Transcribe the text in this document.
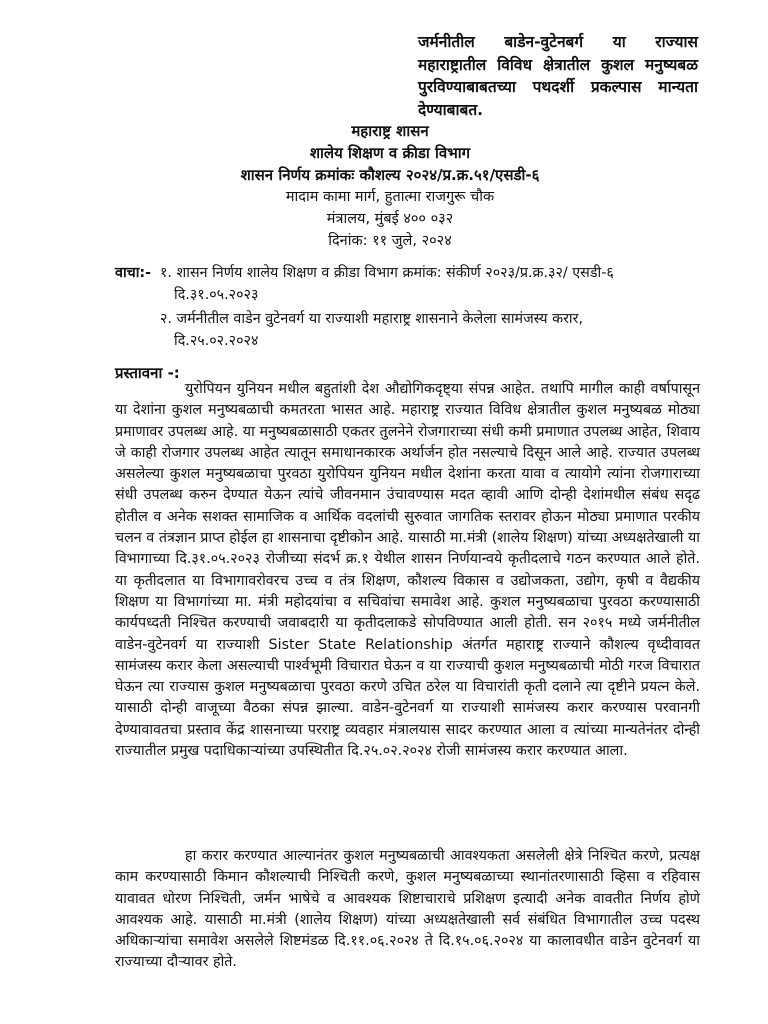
जर्मनीतील बाडेन-वुटेनबर्ग या राज्यास महाराष्ट्रातील विविध क्षेत्रातील कुशल मनुष्यबळ पुरविण्याबाबतच्या पथदर्शी प्रकल्पास मान्यता देण्याबाबत.
महाराष्ट्र शासन
शालेय शिक्षण व क्रीडा विभाग
शासन निर्णय क्रमांकः कौशल्य २०२४/प्र.क्र.५१/एसडी-६
मादाम कामा मार्ग, हुतात्मा राजगुरू चौक
मंत्रालय, मुंबई ४०० ०३२
दिनांक: ११ जुले, २०२४
वाचा:- १. शासन निर्णय शालेय शिक्षण व क्रीडा विभाग क्रमांक: संकीर्ण २०२३/प्र.क्र.३२/ एसडी-६
दि.३१.०५.२०२३
२. जर्मनीतील वाडेन वुटेनवर्ग या राज्याशी महाराष्ट्र शासनाने केलेला सामंजस्य करार,
दि.२५.०२.२०२४
प्रस्तावना -:
युरोपियन युनियन मधील बहुतांशी देश औद्योगिकदृष्ट्या संपन्न आहेत. तथापि मागील काही वर्षापासून या देशांना कुशल मनुष्यबळाची कमतरता भासत आहे. महाराष्ट्र राज्यात विविध क्षेत्रातील कुशल मनुष्यबळ मोठ्या प्रमाणावर उपलब्ध आहे. या मनुष्यबळासाठी एकतर तुलनेने रोजगाराच्या संधी कमी प्रमाणात उपलब्ध आहेत, शिवाय जे काही रोजगार उपलब्ध आहेत त्यातून समाधानकारक अर्थार्जन होत नसल्याचे दिसून आले आहे. राज्यात उपलब्ध असलेल्या कुशल मनुष्यबळाचा पुरवठा युरोपियन युनियन मधील देशांना करता यावा व त्यायोगे त्यांना रोजगाराच्या संधी उपलब्ध करुन देण्यात येऊन त्यांचे जीवनमान उंचावण्यास मदत व्हावी आणि दोन्ही देशांमधील संबंध सदृढ होतील व अनेक सशक्त सामाजिक व आर्थिक वदलांची सुरुवात जागतिक स्तरावर होऊन मोठ्या प्रमाणात परकीय चलन व तंत्रज्ञान प्राप्त होईल हा शासनाचा दृष्टीकोन आहे. यासाठी मा.मंत्री (शालेय शिक्षण) यांच्या अध्यक्षतेखाली या विभागाच्या दि.३१.०५.२०२३ रोजीच्या संदर्भ क्र.१ येथील शासन निर्णयान्वये कृतीदलाचे गठन करण्यात आले होते. या कृतीदलात या विभागावरोवरच उच्च व तंत्र शिक्षण, कौशल्य विकास व उद्योजकता, उद्योग, कृषी व वैद्यकीय शिक्षण या विभागांच्या मा. मंत्री महोदयांचा व सचिवांचा समावेश आहे. कुशल मनुष्यबळाचा पुरवठा करण्यासाठी कार्यपध्दती निश्चित करण्याची जवाबदारी या कृतीदलाकडे सोपविण्यात आली होती. सन २०१५ मध्ये जर्मनीतील वाडेन-वुटेनवर्ग या राज्याशी Sister State Relationship अंतर्गत महाराष्ट्र राज्याने कौशल्य वृध्दीवावत सामंजस्य करार केला असल्याची पार्श्वभूमी विचारात घेऊन व या राज्याची कुशल मनुष्यबळाची मोठी गरज विचारात घेऊन त्या राज्यास कुशल मनुष्यबळाचा पुरवठा करणे उचित ठरेल या विचारांती कृती दलाने त्या दृष्टीने प्रयत्न केले. यासाठी दोन्ही वाजूच्या वैठका संपन्न झाल्या. वाडेन-वुटेनवर्ग या राज्याशी सामंजस्य करार करण्यास परवानगी देण्यावावतचा प्रस्ताव केंद्र शासनाच्या परराष्ट्र व्यवहार मंत्रालयास सादर करण्यात आला व त्यांच्या मान्यतेनंतर दोन्ही राज्यातील प्रमुख पदाधिकाऱ्यांच्या उपस्थितीत दि.२५.०२.२०२४ रोजी सामंजस्य करार करण्यात आला.
हा करार करण्यात आल्यानंतर कुशल मनुष्यबळाची आवश्यकता असलेली क्षेत्रे निश्चित करणे, प्रत्यक्ष काम करण्यासाठी किमान कौशल्याची निश्चिती करणे, कुशल मनुष्यबळाच्या स्थानांतरणासाठी व्हिसा व रहिवास यावावत धोरण निश्चिती, जर्मन भाषेचे व आवश्यक शिष्टाचाराचे प्रशिक्षण इत्यादी अनेक वावतीत निर्णय होणे आवश्यक आहे. यासाठी मा.मंत्री (शालेय शिक्षण) यांच्या अध्यक्षतेखाली सर्व संबंधित विभागातील उच्च पदस्थ अधिकाऱ्यांचा समावेश असलेले शिष्टमंडळ दि.११.०६.२०२४ ते दि.१५.०६.२०२४ या कालावधीत वाडेन वुटेनवर्ग या राज्याच्या दौऱ्यावर होते.
